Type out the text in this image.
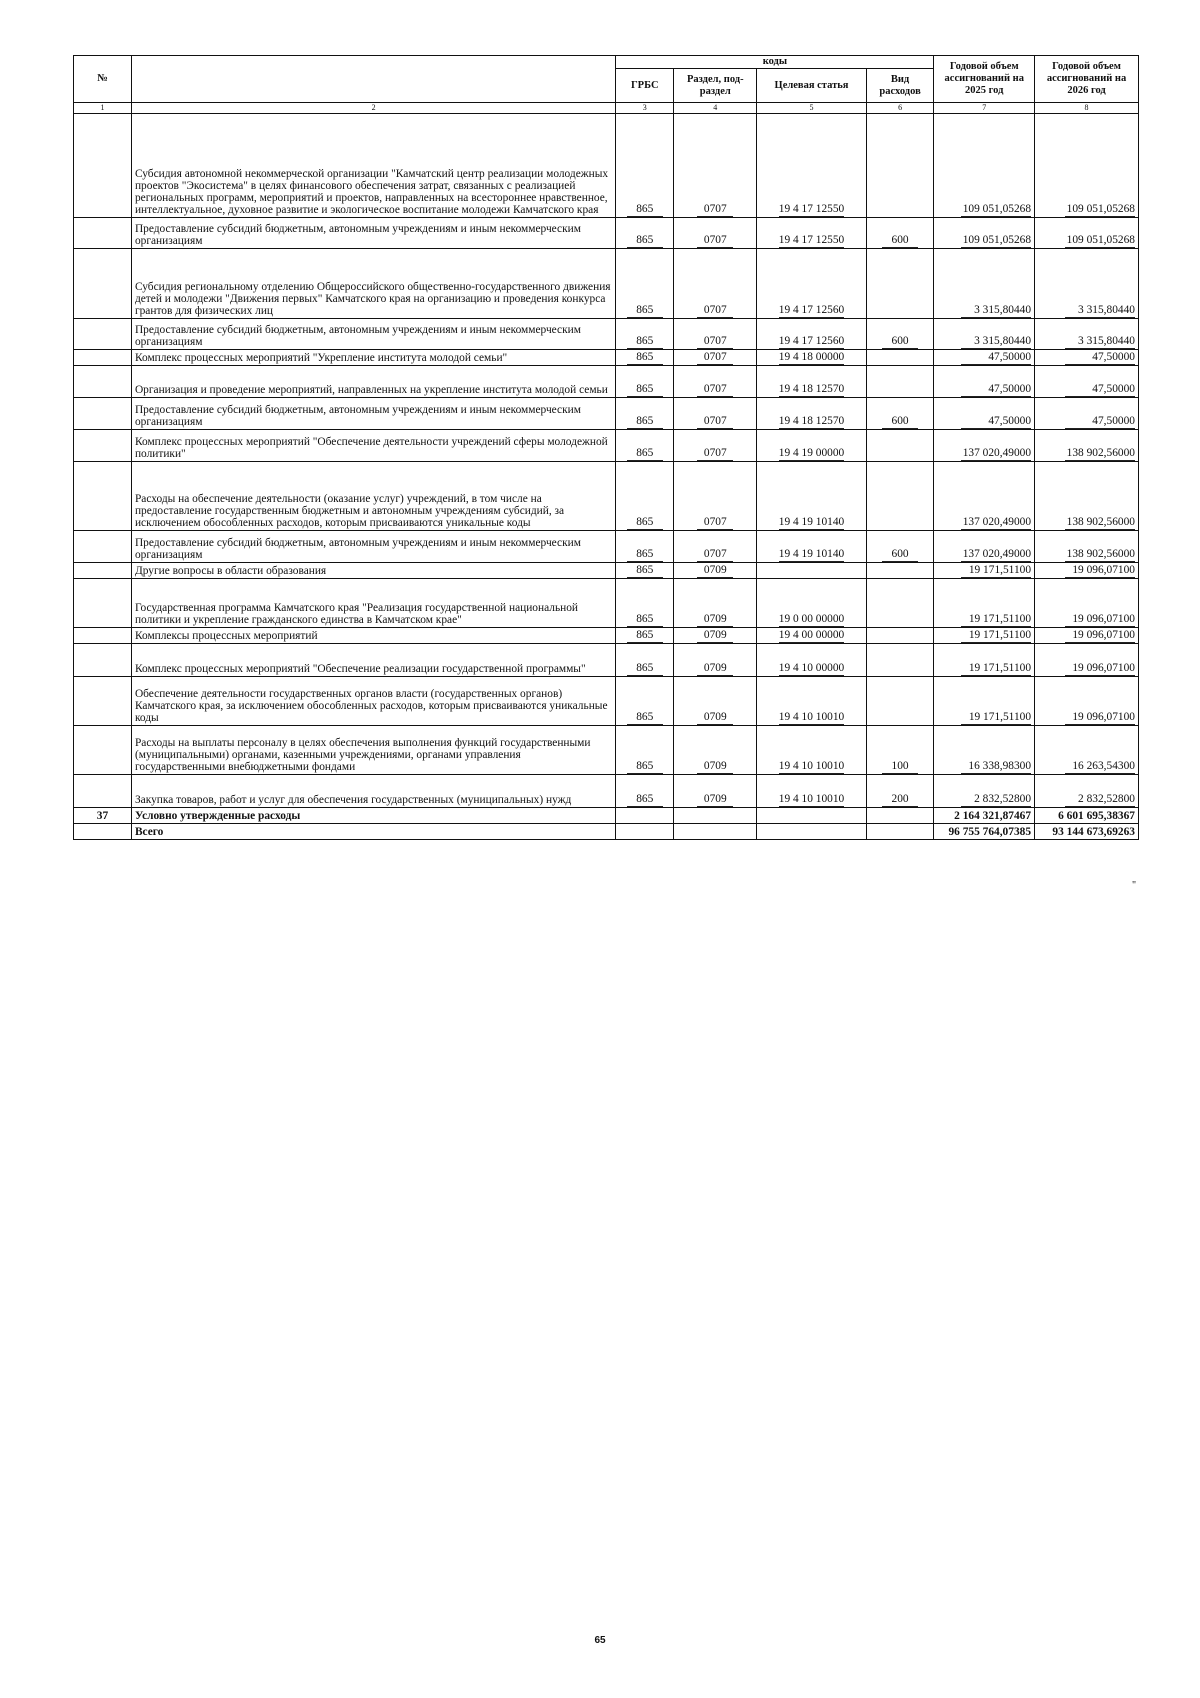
№		коды				Годовой объем ассигнований на 2025 год	Годовой объем ассигнований на 2026 год
		ГРБС	Раздел, под-раздел	Целевая статья	Вид расходов		
1	2	3	4	5	6	7	8
	Субсидия автономной некоммерческой организации "Камчатский центр реализации молодежных проектов "Экосистема" в целях финансового обеспечения затрат, связанных с реализацией региональных программ, мероприятий и проектов, направленных на всестороннее нравственное, интеллектуальное, духовное развитие и экологическое воспитание молодежи Камчатского края	865	0707	19 4 17 12550		109 051,05268	109 051,05268
	Предоставление субсидий бюджетным, автономным учреждениям и иным некоммерческим организациям	865	0707	19 4 17 12550	600	109 051,05268	109 051,05268
	Субсидия региональному отделению Общероссийского общественно-государственного движения детей и молодежи "Движения первых" Камчатского края на организацию и проведения конкурса грантов для физических лиц	865	0707	19 4 17 12560		3 315,80440	3 315,80440
	Предоставление субсидий бюджетным, автономным учреждениям и иным некоммерческим организациям	865	0707	19 4 17 12560	600	3 315,80440	3 315,80440
	Комплекс процессных мероприятий "Укрепление института молодой семьи"	865	0707	19 4 18 00000		47,50000	47,50000
	Организация и проведение мероприятий, направленных на укрепление института молодой семьи	865	0707	19 4 18 12570		47,50000	47,50000
	Предоставление субсидий бюджетным, автономным учреждениям и иным некоммерческим организациям	865	0707	19 4 18 12570	600	47,50000	47,50000
	Комплекс процессных мероприятий "Обеспечение деятельности учреждений сферы молодежной политики"	865	0707	19 4 19 00000		137 020,49000	138 902,56000
	Расходы на обеспечение деятельности (оказание услуг) учреждений, в том числе на предоставление государственным бюджетным и автономным учреждениям субсидий, за исключением обособленных расходов, которым присваиваются уникальные коды	865	0707	19 4 19 10140		137 020,49000	138 902,56000
	Предоставление субсидий бюджетным, автономным учреждениям и иным некоммерческим организациям	865	0707	19 4 19 10140	600	137 020,49000	138 902,56000
	Другие вопросы в области образования	865	0709			19 171,51100	19 096,07100
	Государственная программа Камчатского края "Реализация государственной национальной политики и укрепление гражданского единства в Камчатском крае"	865	0709	19 0 00 00000		19 171,51100	19 096,07100
	Комплексы процессных мероприятий	865	0709	19 4 00 00000		19 171,51100	19 096,07100
	Комплекс процессных мероприятий "Обеспечение реализации государственной программы"	865	0709	19 4 10 00000		19 171,51100	19 096,07100
	Обеспечение деятельности государственных органов власти (государственных органов) Камчатского края, за исключением обособленных расходов, которым присваиваются уникальные коды	865	0709	19 4 10 10010		19 171,51100	19 096,07100
	Расходы на выплаты персоналу в целях обеспечения выполнения функций государственными (муниципальными) органами, казенными учреждениями, органами управления государственными внебюджетными фондами	865	0709	19 4 10 10010	100	16 338,98300	16 263,54300
	Закупка товаров, работ и услуг для обеспечения государственных (муниципальных) нужд	865	0709	19 4 10 10010	200	2 832,52800	2 832,52800
37	Условно утвержденные расходы					2 164 321,87467	6 601 695,38367
	Всего					96 755 764,07385	93 144 673,69263
"
65
